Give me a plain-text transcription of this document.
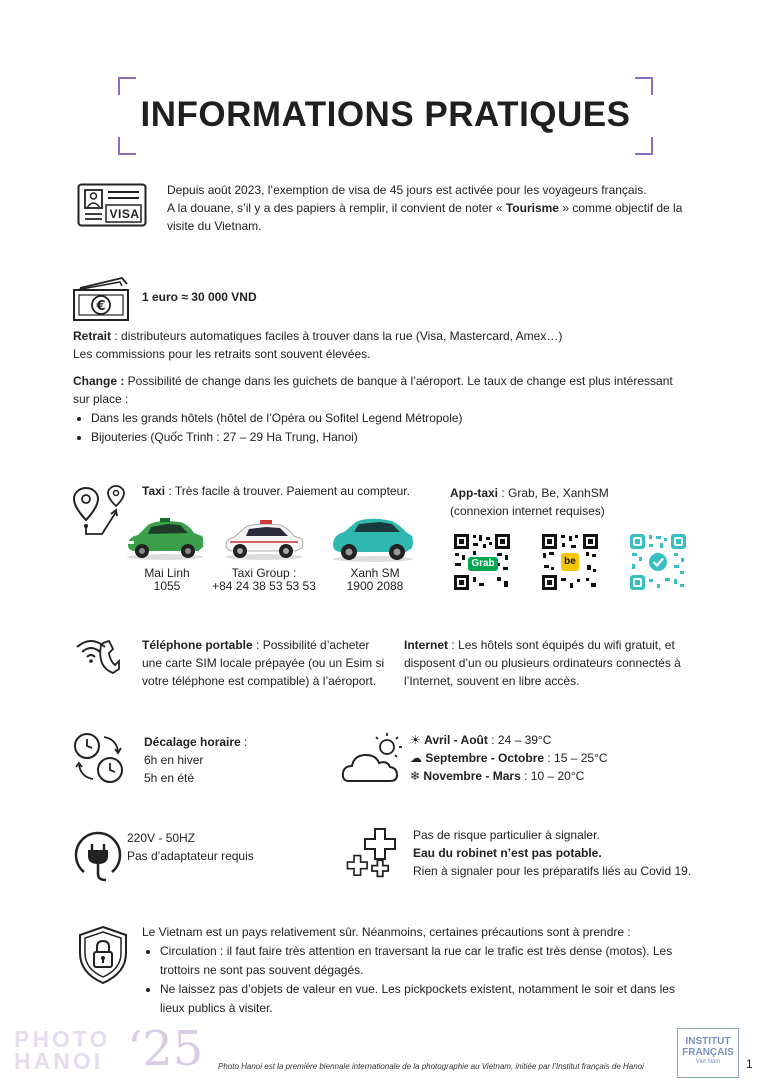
INFORMATIONS PRATIQUES
VISA

Depuis août 2023, l’exemption de visa de 45 jours est activée pour les voyageurs français.

A la douane, s’il y a des papiers à remplir, il convient de noter « Tourisme » comme objectif de la

visite du Vietnam.

€
1 euro ≈ 30 000 VND

Retrait : distributeurs automatiques faciles à trouver dans la rue (Visa, Mastercard, Amex…)

Les commissions pour les retraits sont souvent élevées.

Change : Possibilité de change dans les guichets de banque à l’aéroport. Le taux de change est plus intéressant

sur place :

• Dans les grands hôtels (hôtel de l’Opéra ou Sofitel Legend Métropole)
• Bijouteries (Quốc Trinh : 27 – 29 Ha Trung, Hanoi)
Taxi : Très facile à trouver. Paiement au compteur.

Mai Linh

1055

Taxi Group :

+84 24 38 53 53 53

Xanh SM

1900 2088

App-taxi : Grab, Be, XanhSM

(connexion internet requises)

Grab	be

Téléphone portable : Possibilité d’acheter

une carte SIM locale prépayée (ou un Esim si

votre téléphone est compatible) à l’aéroport.

Internet : Les hôtels sont équipés du wifi gratuit, et

disposent d’un ou plusieurs ordinateurs connectés à

l’Internet, souvent en libre accès.

Décalage horaire :

6h en hiver

5h en été

☀ Avril - Août : 24 – 39°C

☁ Septembre - Octobre : 15 – 25°C

❄ Novembre - Mars : 10 – 20°C

220V - 50HZ

Pas d’adaptateur requis

Pas de risque particulier à signaler.

Eau du robinet n’est pas potable.

Rien à signaler pour les préparatifs liés au Covid 19.

Le Vietnam est un pays relativement sûr. Néanmoins, certaines précautions sont à prendre :

• Circulation : il faut faire très attention en traversant la rue car le trafic est très dense (motos). Les
trottoirs ne sont pas souvent dégagés.
• Ne laissez pas d’objets de valeur en vue. Les pickpockets existent, notamment le soir et dans les
lieux publics à visiter.
PHOTO
HANOI ‘25 Photo Hanoi est la première biennale internationale de la photographie au Vietnam, initiée par l’Institut français de Hanoi
INSTITUT
FRANÇAIS
Viet Nam	1
